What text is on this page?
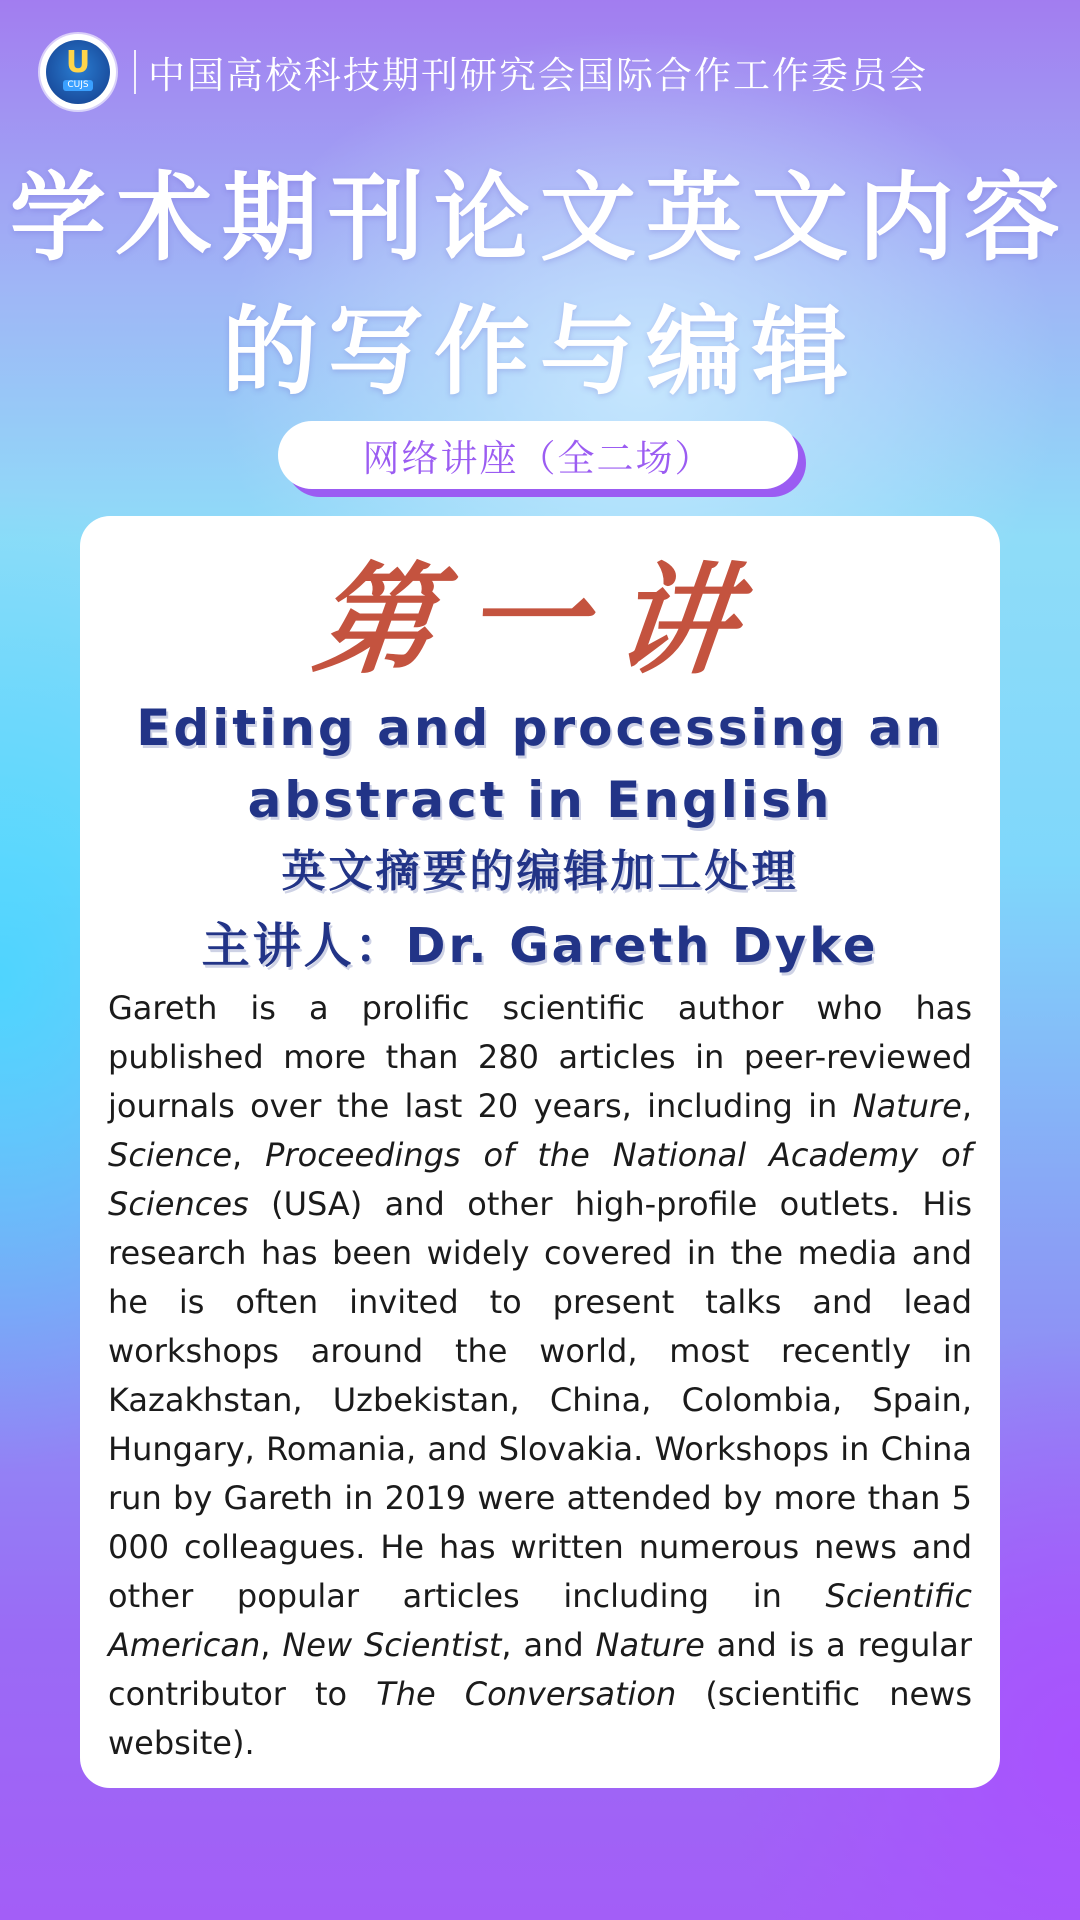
U
CUJS 中国高校科技期刊研究会国际合作工作委员会
学术期刊论文英文内容
的写作与编辑
网络讲座（全二场）
第一讲
Editing and processing an
abstract in English
英文摘要的编辑加工处理
主讲人：Dr. Gareth Dyke
Gareth is a prolific scientific author who has published more than 280 articles in peer-reviewed journals over the last 20 years, including in Nature, Science, Proceedings of the National Academy of Sciences (USA) and other high-profile outlets. His research has been widely covered in the media and he is often invited to present talks and lead workshops around the world, most recently in Kazakhstan, Uzbekistan, China, Colombia, Spain, Hungary, Romania, and Slovakia. Workshops in China run by Gareth in 2019 were attended by more than 5 000 colleagues. He has written numerous news and other popular articles including in Scientific American, New Scientist, and Nature and is a regular contributor to The Conversation (scientific news website).
